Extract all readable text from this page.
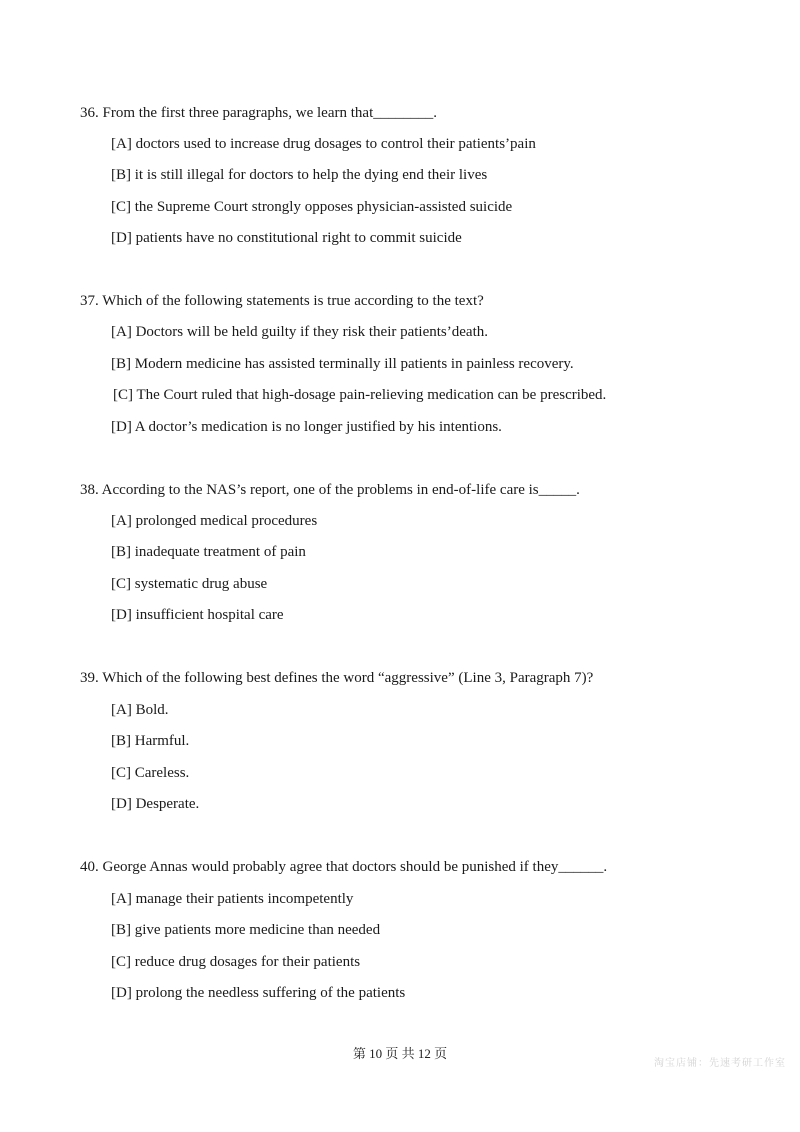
36. From the first three paragraphs, we learn that________.
[A] doctors used to increase drug dosages to control their patients’pain
[B] it is still illegal for doctors to help the dying end their lives
[C] the Supreme Court strongly opposes physician-assisted suicide
[D] patients have no constitutional right to commit suicide
37. Which of the following statements is true according to the text?
[A] Doctors will be held guilty if they risk their patients’death.
[B] Modern medicine has assisted terminally ill patients in painless recovery.
[C] The Court ruled that high-dosage pain-relieving medication can be prescribed.
[D] A doctor’s medication is no longer justified by his intentions.
38. According to the NAS’s report, one of the problems in end-of-life care is_____.
[A] prolonged medical procedures
[B] inadequate treatment of pain
[C] systematic drug abuse
[D] insufficient hospital care
39. Which of the following best defines the word “aggressive” (Line 3, Paragraph 7)?
[A] Bold.
[B] Harmful.
[C] Careless.
[D] Desperate.
40. George Annas would probably agree that doctors should be punished if they______.
[A] manage their patients incompetently
[B] give patients more medicine than needed
[C] reduce drug dosages for their patients
[D] prolong the needless suffering of the patients
第 10 页 共 12 页
淘宝店铺：先速考研工作室
